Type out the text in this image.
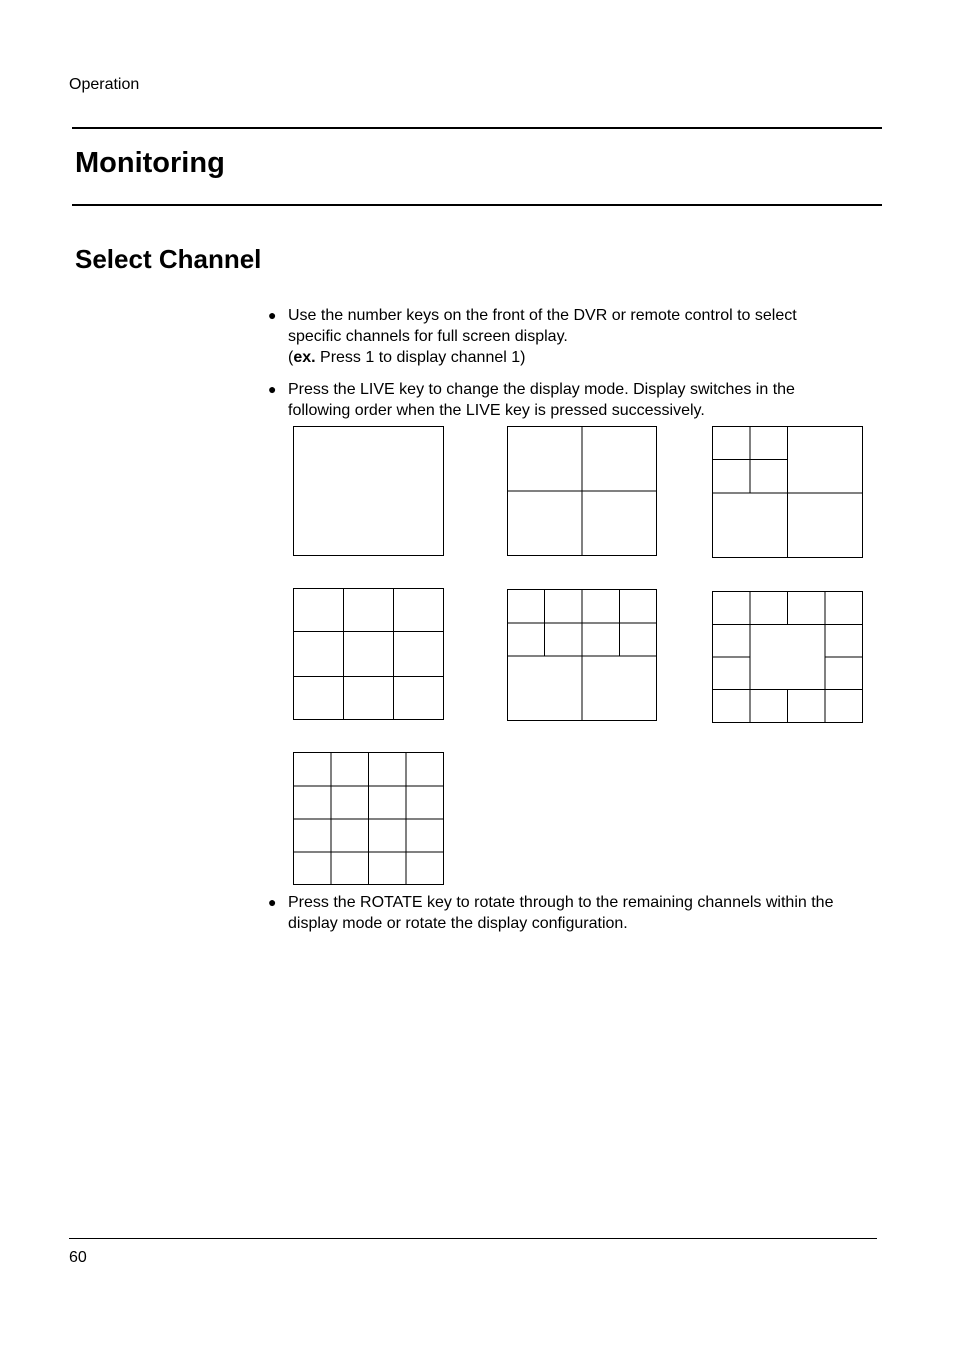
Operation
Monitoring
Select Channel
● Use the number keys on the front of the DVR or remote control to select
specific channels for full screen display.
(ex. Press 1 to display channel 1)
● Press the LIVE key to change the display mode. Display switches in the
following order when the LIVE key is pressed successively.
● Press the ROTATE key to rotate through to the remaining channels within the
display mode or rotate the display configuration.
60
